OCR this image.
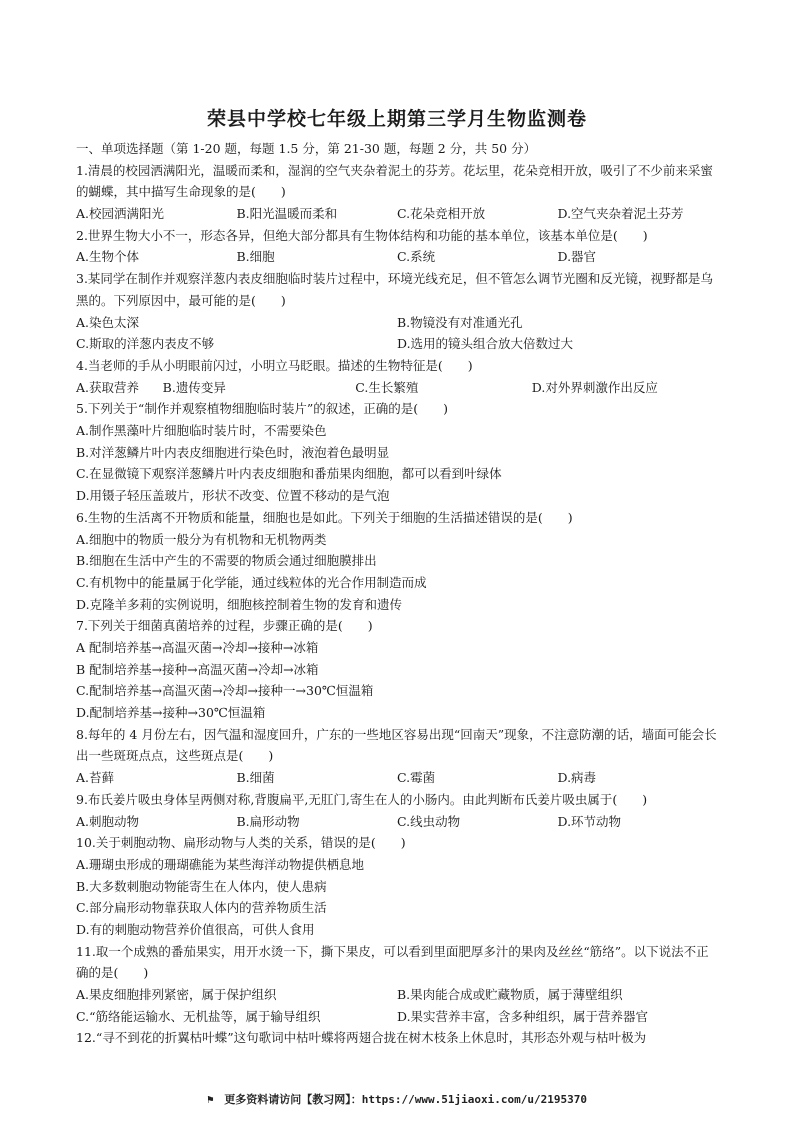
荣县中学校七年级上期第三学月生物监测卷
一、单项选择题（第 1-20 题，每题 1.5 分，第 21-30 题，每题 2 分，共 50 分）
1.清晨的校园洒满阳光，温暖而柔和，湿润的空气夹杂着泥土的芬芳。花坛里，花朵竞相开放，吸引了不少前来采蜜的蝴蝶，其中描写生命现象的是(　　)
A.校园洒满阳光	B.阳光温暖而柔和	C.花朵竞相开放	D.空气夹杂着泥土芬芳
2.世界生物大小不一，形态各异，但绝大部分都具有生物体结构和功能的基本单位，该基本单位是(　　)
A.生物个体	B.细胞	C.系统	D.器官
3.某同学在制作并观察洋葱内表皮细胞临时装片过程中，环境光线充足，但不管怎么调节光圈和反光镜，视野都是乌黑的。下列原因中，最可能的是(　　)
A.染色太深	B.物镜没有对准通光孔
C.斯取的洋葱内表皮不够	D.选用的镜头组合放大倍数过大
4.当老师的手从小明眼前闪过，小明立马眨眼。描述的生物特征是(　　)
A.获取营养	B.遗传变异	C.生长繁殖	D.对外界刺激作出反应
5.下列关于“制作并观察植物细胞临时装片”的叙述，正确的是(　　)
A.制作黑藻叶片细胞临时装片时，不需要染色
B.对洋葱鳞片叶内表皮细胞进行染色时，液泡着色最明显
C.在显微镜下观察洋葱鳞片叶内表皮细胞和番茄果肉细胞，都可以看到叶绿体
D.用镊子轻压盖玻片，形状不改变、位置不移动的是气泡
6.生物的生活离不开物质和能量，细胞也是如此。下列关于细胞的生活描述错误的是(　　)
A.细胞中的物质一般分为有机物和无机物两类
B.细胞在生活中产生的不需要的物质会通过细胞膜排出
C.有机物中的能量属于化学能，通过线粒体的光合作用制造而成
D.克隆羊多莉的实例说明，细胞核控制着生物的发育和遗传
7.下列关于细菌真菌培养的过程，步骤正确的是(　　)
A 配制培养基→高温灭菌→冷却→接种→冰箱
B 配制培养基→接种→高温灭菌→冷却→冰箱
C.配制培养基→高温灭菌→冷却→接种一→30℃恒温箱
D.配制培养基→接种→30℃恒温箱
8.每年的 4 月份左右，因气温和湿度回升，广东的一些地区容易出现“回南天”现象，不注意防潮的话，墙面可能会长出一些斑斑点点，这些斑点是(　　)
A.苔藓	B.细菌	C.霉菌	D.病毒
9.布氏姜片吸虫身体呈两侧对称,背腹扁平,无肛门,寄生在人的小肠内。由此判断布氏姜片吸虫属于(　　)
A.刺胞动物	B.扁形动物	C.线虫动物	D.环节动物
10.关于刺胞动物、扁形动物与人类的关系，错误的是(　　)
A.珊瑚虫形成的珊瑚礁能为某些海洋动物提供栖息地
B.大多数刺胞动物能寄生在人体内，使人患病
C.部分扁形动物靠获取人体内的营养物质生活
D.有的刺胞动物营养价值很高，可供人食用
11.取一个成熟的番茄果实，用开水烫一下，撕下果皮，可以看到里面肥厚多汁的果肉及丝丝“筋络”。以下说法不正确的是(　　)
A.果皮细胞排列紧密，属于保护组织	B.果肉能合成或贮藏物质，属于薄壁组织
C.“筋络能运输水、无机盐等，属于输导组织	D.果实营养丰富，含多种组织，属于营养器官
12.“寻不到花的折翼枯叶蝶”这句歌词中枯叶蝶将两翅合拢在树木枝条上休息时，其形态外观与枯叶极为
⚑ 更多资料请访问【教习网】：https://www.51jiaoxi.com/u/2195370
